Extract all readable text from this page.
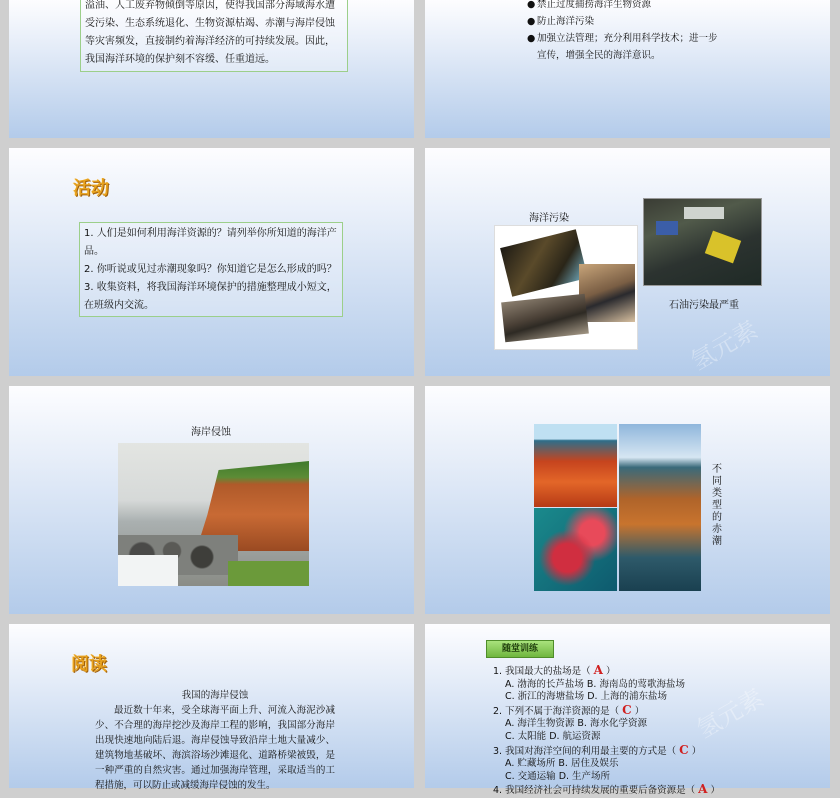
溢油、人工废弃物倾倒等原因，使得我国部分海域海水遭
受污染、生态系统退化、生物资源枯竭、赤潮与海岸侵蚀
等灾害频发，直接制约着海洋经济的可持续发展。因此，
我国海洋环境的保护刻不容缓、任重道远。
● 禁止过度捕捞海洋生物资源
● 防止海洋污染
● 加强立法管理；充分利用科学技术；进一步
宣传，增强全民的海洋意识。
活动
1. 人们是如何利用海洋资源的？请列举你所知道的海洋产
品。
2. 你听说或见过赤潮现象吗？你知道它是怎么形成的吗？
3. 收集资料，将我国海洋环境保护的措施整理成小短文，
在班级内交流。
海洋污染
石油污染最严重
氢元素
海岸侵蚀
不同类型的赤潮
阅读
我国的海岸侵蚀
最近数十年来，受全球海平面上升、河流入海泥沙减少、不合理的海岸挖沙及海岸工程的影响，我国部分海岸出现快速地向陆后退。海岸侵蚀导致沿岸土地大量减少、建筑物地基破坏、海滨浴场沙滩退化、道路桥梁被毁，是一种严重的自然灾害。通过加强海岸管理，采取适当的工程措施，可以防止或减缓海岸侵蚀的发生。
随堂训练
1. 我国最大的盐场是（ A ）
A. 渤海的长芦盐场 B. 海南岛的莺歌海盐场
C. 浙江的海塘盐场 D. 上海的浦东盐场
2. 下列不属于海洋资源的是（ C ）
A. 海洋生物资源 B. 海水化学资源
C. 太阳能 D. 航运资源
3. 我国对海洋空间的利用最主要的方式是（ C ）
A. 贮藏场所 B. 居住及娱乐
C. 交通运输 D. 生产场所
4. 我国经济社会可持续发展的重要后备资源是（ A ）
氢元素
